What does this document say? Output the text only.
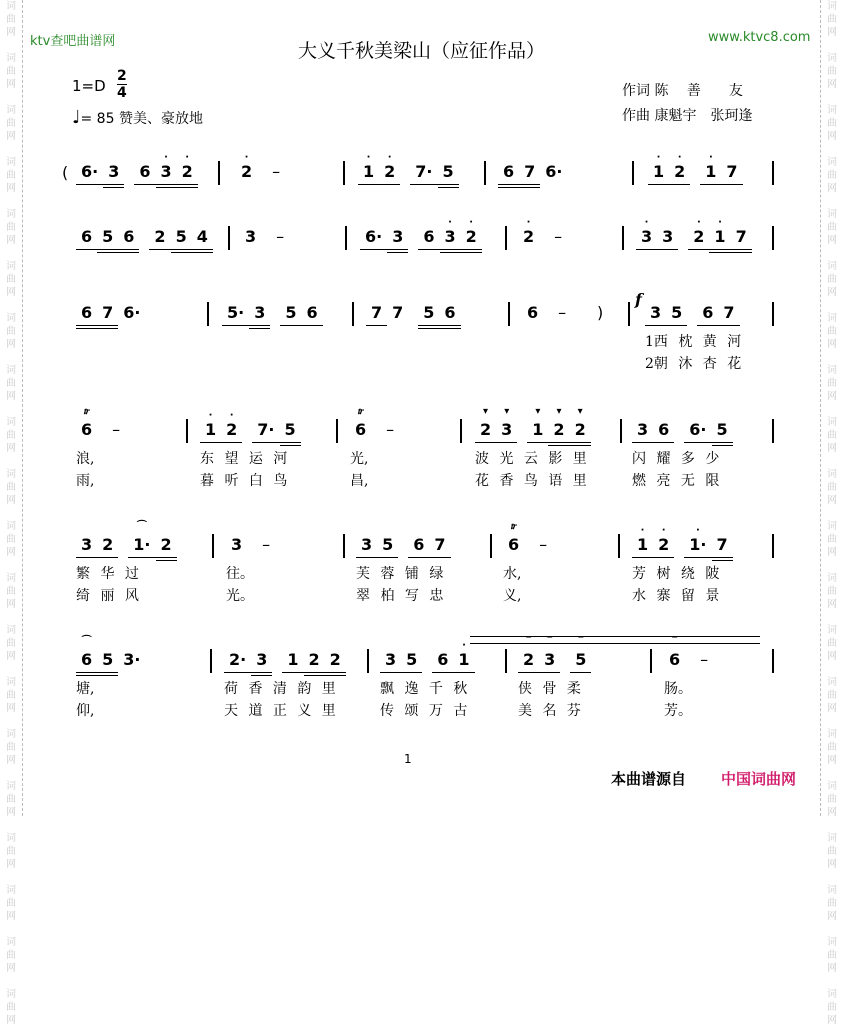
词
曲
网

词
曲
网

词
曲
网

词
曲
网

词
曲
网

词
曲
网

词
曲
网

词
曲
网

词
曲
网

词
曲
网

词
曲
网

词
曲
网

词
曲
网

词
曲
网

词
曲
网

词
曲
网

词
曲
网

词
曲
网

词
曲
网

词
曲
网

词
曲
网

词
曲
网

词
曲
网

词
曲
网

词
曲
网

词
曲
网

词
曲
网

词
曲
网

词
曲
网

词
曲
网

词
曲
网

词
曲
网

词
曲
网

词
曲
网

词
曲
网

词
曲
网

词
曲
网

词
曲
网

词
曲
网

词
曲
网

ktv查吧曲谱网	www.ktvc8.com
大义千秋美梁山（应征作品）
1=D
2
4
♩= 85 赞美、豪放地
作词 陈　 善　　友
作曲 康魁宇　张珂逢
( 6· 3	6 3
·
2
·
2
·
–	1
·
2
·
7· 5	6 7 6·	1
·
2
·
1
·
7
6 5 6	2 5 4	3	–	6· 3	6 3
·
2
·
2
·
–	3
·
3	2
·
1
·
7
6 7 6·	5· 3	5 6	7 7	5 6	6	–	)	3 5	6 7
f
1西 枕 黄 河
2朝 沐 杏 花
6
𝆖
–
浪,
雨,
1
·
2
·
7· 5
东 望 运 河
暮 听 白 鸟
6
𝆖
–
光,
昌,
2
▾
3
▾
1
▾
2
▾
2
▾
波 光 云 影 里
花 香 鸟 语 里
3 6	6· 5
闪 耀 多 少
燃 亮 无 限
3 2	1·
⌒
2
繁 华 过
绮 丽 风
3	–
往。
光。
3 5	6 7
芙 蓉 铺 绿
翠 柏 写 忠
6
𝆖
–
水,
义,
1
·
2
·
1·
·
7
芳 树 绕 陂
水 寨 留 景
6
⌒
5 3·
塘,
仰,
2· 3	1 2 2
荷 香 清 韵 里
天 道 正 义 里
3 5	6 1
·
飘 逸 千 秋
传 颂 万 古
2
‾
3
‾
5
‾
侠 骨 柔
美 名 芬
6
‾
–
肠。
芳。
1
本曲谱源自 中国词曲网
